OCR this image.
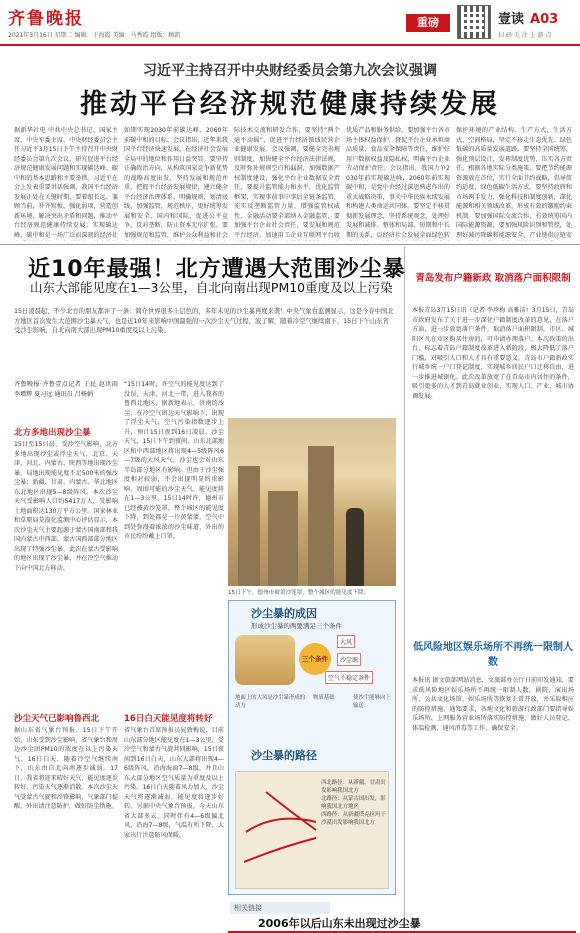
齐鲁晚报
2021年3月16日 星期二 编辑：于海霞 美编：马秀霞 组版：顾凯
重磅	壹读 A03
扫 码 关 注 上 游 点
习近平主持召开中央财经委员会第九次会议强调
推动平台经济规范健康持续发展
据新华社电 中共中央总书记、国家主席、中央军委主席、中央财经委员会主任习近平3月15日下午主持召开中央财经委员会第九次会议，研究促进平台经济规范健康发展问题和实现碳达峰、碳中和的基本思路和主要举措。习近平在会上发表重要讲话强调，我国平台经济发展正处在关键时期，要着眼长远、兼顾当前，补齐短板、强化弱项，营造创新环境，解决突出矛盾和问题，推动平台经济规范健康持续发展；实现碳达峰、碳中和是一场广泛而深刻的经济社
如期实现2030年前碳达峰、2060年前碳中和的目标。会议指出，近年来我国平台经济快速发展，在经济社会发展全局中的地位和作用日益突显。要坚持正确政治方向，从构筑国家竞争新优势的战略高度出发，坚持发展和规范并重，把握平台经济发展规律，建立健全平台经济治理体系，明确规则，划清底线，加强监管，规范秩序，更好统筹发展和安全、国内和国际，促进公平竞争，反对垄断，防止资本无序扩张。要加强规范和监管，维护公众利益和社会
际技术交流和研发合作，要坚持“两个毫不动摇”，促进平台经济领域民营企业健康发展。会议强调，要健全完善规则制度，加快健全平台经济法律法规，及时弥补规则空白和漏洞，加强数据产权制度建设，强化平台企业数据安全责任，要提升监管能力和水平，优化监管框架，实现事前事中事后全链条监管，充实反垄断监管力量，增强监管权威性，金融活动要全部纳入金融监管，要加强平台企业社会责任，要发展和规范平台经济，加速用工企业互联网平台收
优质产品和服务供给，要加强平台各市场主体权益保护，督促平台企业承担商品质量、食品安全保障等责任，维护好用户数据权益及隐私权，明确平台企业劳动保护责任。会议指出，我国力争2030年前实现碳达峰，2060年前实现碳中和，是党中央经过深思熟虑作出的重大战略决策，事关中华民族永续发展和构建人类命运共同体。要坚定不移贯彻新发展理念，坚持系统观念，处理好发展和减排、整体和局部、短期和中长期的关系，以经济社会发展全面绿色转
保护环境的产业结构、生产方式、生活方式、空间格局，坚定不移走生态优先、绿色低碳的高质量发展道路。要坚持全国统筹，强化顶层设计，发挥制度优势，压实各方责任，根据各地实际分类施策。要把节约能源资源放在首位，实行全面节约战略，倡导简约适度、绿色低碳生活方式。要坚持政府和市场两手发力，强化科技和制度创新，深化能源和相关领域改革，形成有效的激励约束机制。要加强国际交流合作，有效统筹国内国际能源资源，要加强风险识别和管控，处理好减污降碳和能源安全、产业链供应链安
近10年最强！北方遭遇大范围沙尘暴
山东大部能见度在1—3公里，自北向南出现PM10重度及以上污染
15日凌晨起，不少北方的朋友都评了一条：简介世界很多上层色的，多年未见的沙尘暴再度来袭！中央气象台监测显示，这是今春中国北方地区首次发生大范围沙尘暴天气，也是近10年来影响中国最强的一次沙尘天气过程，波了解，随着冷空气继续南下，15日下午山东省受沙尘影响，自北向南大部出现PM10重度及以上污染。
齐鲁晚报·齐鲁壹点记者 于民 赵世雨 李增辉 夏习远 通讯员 吕杨娟
北方多地出现沙尘暴
15日至15日晨，受冷空气影响，北方多地出现沙尘或浮尘天气，北京、天津、河北、内蒙古、陕西等地出现沙尘暴，局地出现能见度不足500米的强沙尘暴；新疆、甘肃、内蒙古、华北地区东北地区出现5—8级阵风。本次沙尘天气受影响人口约5417万人，受影响土地面积达130万平方公里。国家林业和草原局荒漠化监测中心评估显示，本次沙尘天气主要起源于蒙古国南部和我国内蒙古中西部，蒙古国西部部分地区出现了特强沙尘暴，此次在蒙古受影响的地区出现了沙尘暴，并在冷空气推动下向中国北方移动。
沙尘天气已影响鲁西北
据山东省气象台预报，15日下午开始，山东受到沙尘影响，省气象台和周边沙尘团PM10的浓度在以上污染天气，16日白天，随着冷空气继续南下，山东由自北向南逐步减弱。17日，我省将迎来晴好天气，能见度逐步转好，污染天气逐渐消散。本次沙尘天气受蒙古气旋和冷锋影响，气象部门提醒，外出请注意防护，做好防尘措施。
“15日14时，许空气的能见度达到了没误，天津、河北一带，进入我省的鲁西北地区，据新地表示，济南的沙尘，在冷空气团边天气影响下，出现了浮尘天气，空气污染指数逐步上升，预计15日夜到16日凌晨，沙尘天气，15日下午到夜间，山东北部地区和中西部地区将出现4—5级阵风6—7级的大风天气，沙尘也会对山东半岛部分地区有影响。但由于沙尘强度相对较弱，不会出现明显的重影响，周围可能的沙尘天气，能见度将在1—3公里。15日14时许，德州市已经被黄沙笼罩，整个城区的能见度下降，到处都是一片黄蒙蒙，空气中到处弥漫着浓浓的沙尘味道，外出的市民纷纷戴上口罩。
16日白天能见度将转好
省气象台首席预报员晁敦梅说，目前山东部分地区能见度在1—3公里，受冷空气和蒙古气旋共同影响，15日夜间到16日白天，山东大部将出现4—6级阵风，沿海海面7—8级，并且山东大部分地区空气质量为重度及以上污染。16日白天随着风力加大，沙尘天气将逐渐减弱，能见度将逐步好转。另据中央气象台预报，今天山东省大部多云，同时伴有4—6级偏北风，沿海7—8级，气温有所下降，大家出行注意防风保暖。
15日下午，德州市被黄沙笼罩，整个城区的能见度下降。
沙尘暴的成因
形成沙尘暴的两要满足三个条件
三个条件
大风
沙尘源
空气不稳定条件
地面上的大风是沙尘暴形成的动力
物质基础	使沙尘能够向上输送
沙尘暴的路径
西北路径：从新疆、甘肃出发影响我国北方
北路径：从蒙古国出发，影响我国北方地区
西路径：从新疆塔克拉玛干沙漠出发影响我国北方
相关链接
2006年以后山东未出现过沙尘暴
青岛发布户籍新政 取消落户面积限制
本报青岛3月15日讯（记者 李珍梅 高雅洁）3月15日，青岛市政府发布了关于进一步深化户籍制度改革的意见，在落户方面，进一步放宽落户条件，取消落户面积限制，市区、城阳区凡在市区购买住房的，可申请办理落户。本次政策的出台，标志着青岛户籍制度改革进入新阶段，极大降低了落户门槛，对吸引人口和人才具有重要意义。青岛市户籍新政实行城乡统一户口登记制度，实现城乡居民户口迁移自由，进一步推进城镇化。此次改革放宽了在青岛市内居住的条件，吸引更多的人才到青岛就业创业，实现人口、产业、城市协调发展。
低风险地区娱乐场所不再统一限制人数
本报讯 据文旅部网站消息，文旅部办公厅日前印发通知，要求低风险地区娱乐场所不再统一限制人数，剧院、演出场所、公共文化场馆、娱乐场所等恢复正常开放，并采取相应的防控措施。通知要求，各地文化和旅游行政部门要指导娱乐场所、上网服务营业场所落实防控措施，做好人员登记、体温检测、通风消毒等工作，确保安全。
